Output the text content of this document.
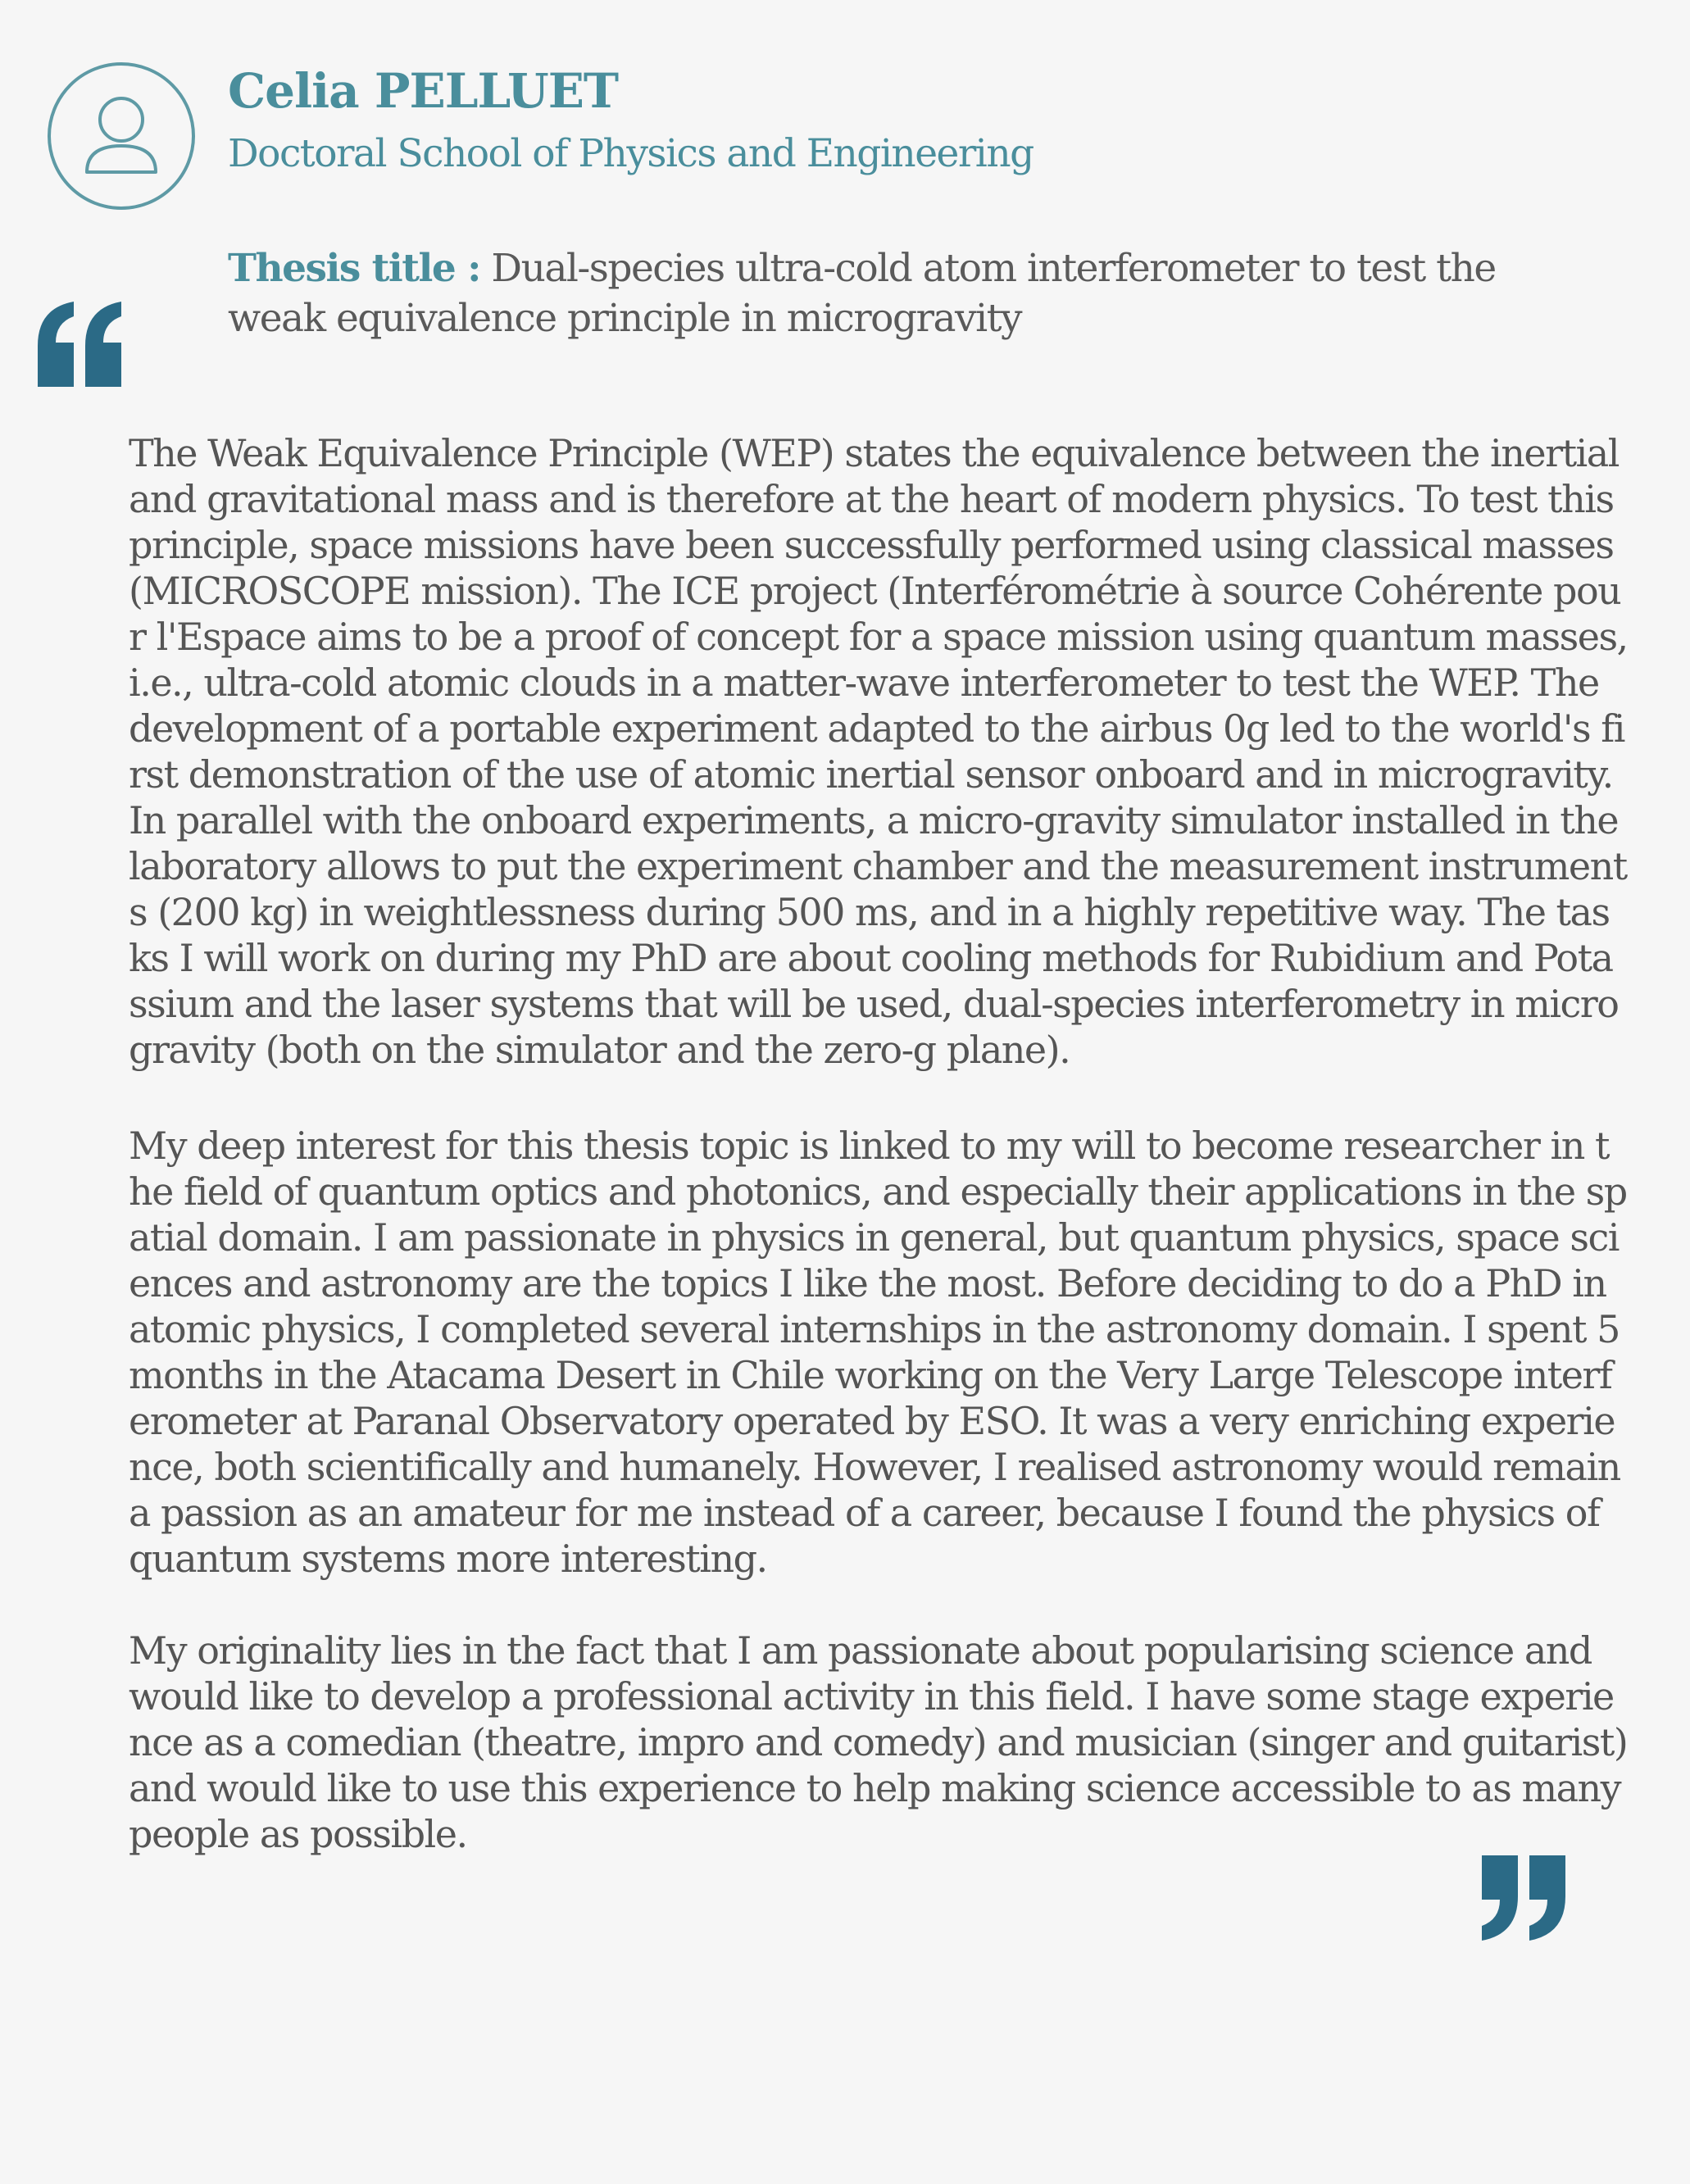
Celia PELLUET
Doctoral School of Physics and Engineering
Thesis title : Dual-species ultra-cold atom interferometer to test the weak equivalence principle in microgravity

The Weak Equivalence Principle (WEP) states the equivalence between the inertial and gravitational mass and is therefore at the heart of modern physics. To test this principle, space missions have been successfully performed using classical masses (MICROSCOPE mission). The ICE project (Interférométrie à source Cohérente pour l'Espace aims to be a proof of concept for a space mission using quantum masses, i.e., ultra-cold atomic clouds in a matter-wave interferometer to test the WEP. The development of a portable experiment adapted to the airbus 0g led to the world's first demonstration of the use of atomic inertial sensor onboard and in microgravity. In parallel with the onboard experiments, a micro-gravity simulator installed in the laboratory allows to put the experiment chamber and the measurement instruments (200 kg) in weightlessness during 500 ms, and in a highly repetitive way. The tasks I will work on during my PhD are about cooling methods for Rubidium and Potassium and the laser systems that will be used, dual-species interferometry in microgravity (both on the simulator and the zero-g plane).

My deep interest for this thesis topic is linked to my will to become researcher in the field of quantum optics and photonics, and especially their applications in the spatial domain. I am passionate in physics in general, but quantum physics, space sciences and astronomy are the topics I like the most. Before deciding to do a PhD in atomic physics, I completed several internships in the astronomy domain. I spent 5 months in the Atacama Desert in Chile working on the Very Large Telescope interferometer at Paranal Observatory operated by ESO. It was a very enriching experience, both scientifically and humanely. However, I realised astronomy would remain a passion as an amateur for me instead of a career, because I found the physics of quantum systems more interesting.

My originality lies in the fact that I am passionate about popularising science and would like to develop a professional activity in this field. I have some stage experience as a comedian (theatre, impro and comedy) and musician (singer and guitarist) and would like to use this experience to help making science accessible to as many people as possible.
